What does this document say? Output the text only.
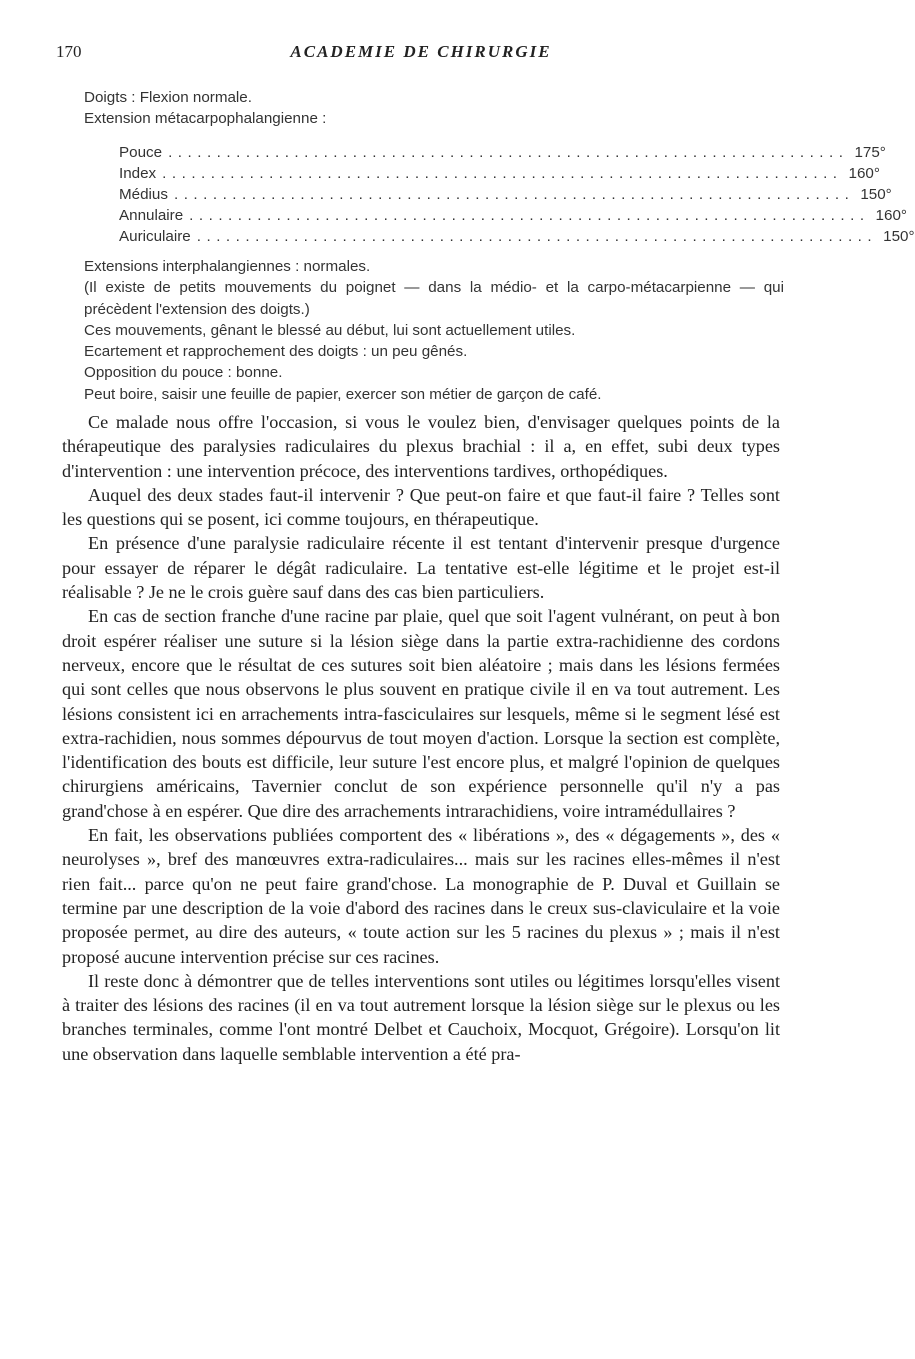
170	ACADEMIE DE CHIRURGIE
Doigts : Flexion normale.
Extension métacarpophalangienne :
Pouce ...................................................................... 175°
Index ...................................................................... 160°
Médius ...................................................................... 150°
Annulaire ...................................................................... 160°
Auriculaire ...................................................................... 150°
Extensions interphalangiennes : normales.
(Il existe de petits mouvements du poignet — dans la médio- et la carpo-métacarpienne — qui précèdent l'extension des doigts.)
Ces mouvements, gênant le blessé au début, lui sont actuellement utiles.
Ecartement et rapprochement des doigts : un peu gênés.
Opposition du pouce : bonne.
Peut boire, saisir une feuille de papier, exercer son métier de garçon de café.

Ce malade nous offre l'occasion, si vous le voulez bien, d'envisager quelques points de la thérapeutique des paralysies radiculaires du plexus brachial : il a, en effet, subi deux types d'intervention : une intervention précoce, des interventions tardives, orthopédiques.

Auquel des deux stades faut-il intervenir ? Que peut-on faire et que faut-il faire ? Telles sont les questions qui se posent, ici comme toujours, en thérapeutique.

En présence d'une paralysie radiculaire récente il est tentant d'intervenir presque d'urgence pour essayer de réparer le dégât radiculaire. La tentative est-elle légitime et le projet est-il réalisable ? Je ne le crois guère sauf dans des cas bien particuliers.

En cas de section franche d'une racine par plaie, quel que soit l'agent vulnérant, on peut à bon droit espérer réaliser une suture si la lésion siège dans la partie extra-rachidienne des cordons nerveux, encore que le résultat de ces sutures soit bien aléatoire ; mais dans les lésions fermées qui sont celles que nous observons le plus souvent en pratique civile il en va tout autrement. Les lésions consistent ici en arrachements intra-fasciculaires sur lesquels, même si le segment lésé est extra-rachidien, nous sommes dépourvus de tout moyen d'action. Lorsque la section est complète, l'identification des bouts est difficile, leur suture l'est encore plus, et malgré l'opinion de quelques chirurgiens américains, Tavernier conclut de son expérience personnelle qu'il n'y a pas grand'chose à en espérer. Que dire des arrachements intrarachidiens, voire intramédullaires ?

En fait, les observations publiées comportent des « libérations », des « dégagements », des « neurolyses », bref des manœuvres extra-radiculaires... mais sur les racines elles-mêmes il n'est rien fait... parce qu'on ne peut faire grand'chose. La monographie de P. Duval et Guillain se termine par une description de la voie d'abord des racines dans le creux sus-claviculaire et la voie proposée permet, au dire des auteurs, « toute action sur les 5 racines du plexus » ; mais il n'est proposé aucune intervention précise sur ces racines.

Il reste donc à démontrer que de telles interventions sont utiles ou légitimes lorsqu'elles visent à traiter des lésions des racines (il en va tout autrement lorsque la lésion siège sur le plexus ou les branches terminales, comme l'ont montré Delbet et Cauchoix, Mocquot, Grégoire). Lorsqu'on lit une observation dans laquelle semblable intervention a été pra-
